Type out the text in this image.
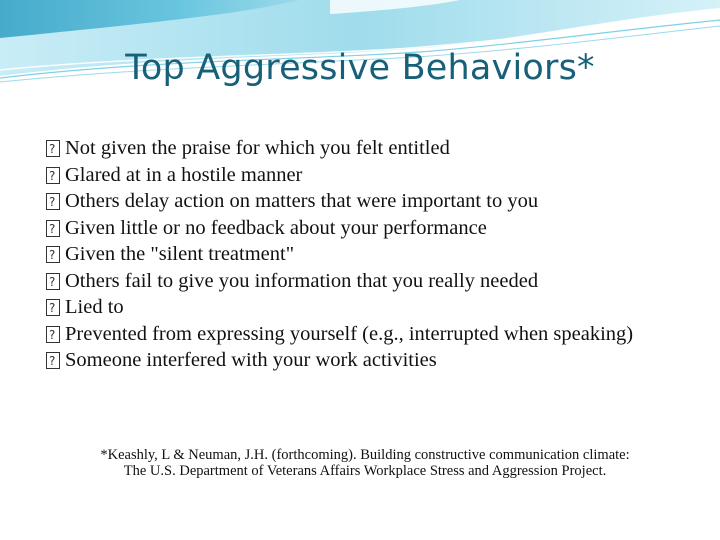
Top Aggressive Behaviors*
?
Not given the praise for which you felt entitled
?
Glared at in a hostile manner
?
Others delay action on matters that were important to you
?
Given little or no feedback about your performance
?
Given the "silent treatment"
?
Others fail to give you information that you really needed
?
Lied to
?
Prevented from expressing yourself (e.g., interrupted when speaking)
?
Someone interfered with your work activities
*Keashly, L & Neuman, J.H. (forthcoming). Building constructive communication climate:
The U.S. Department of Veterans Affairs Workplace Stress and Aggression Project.
